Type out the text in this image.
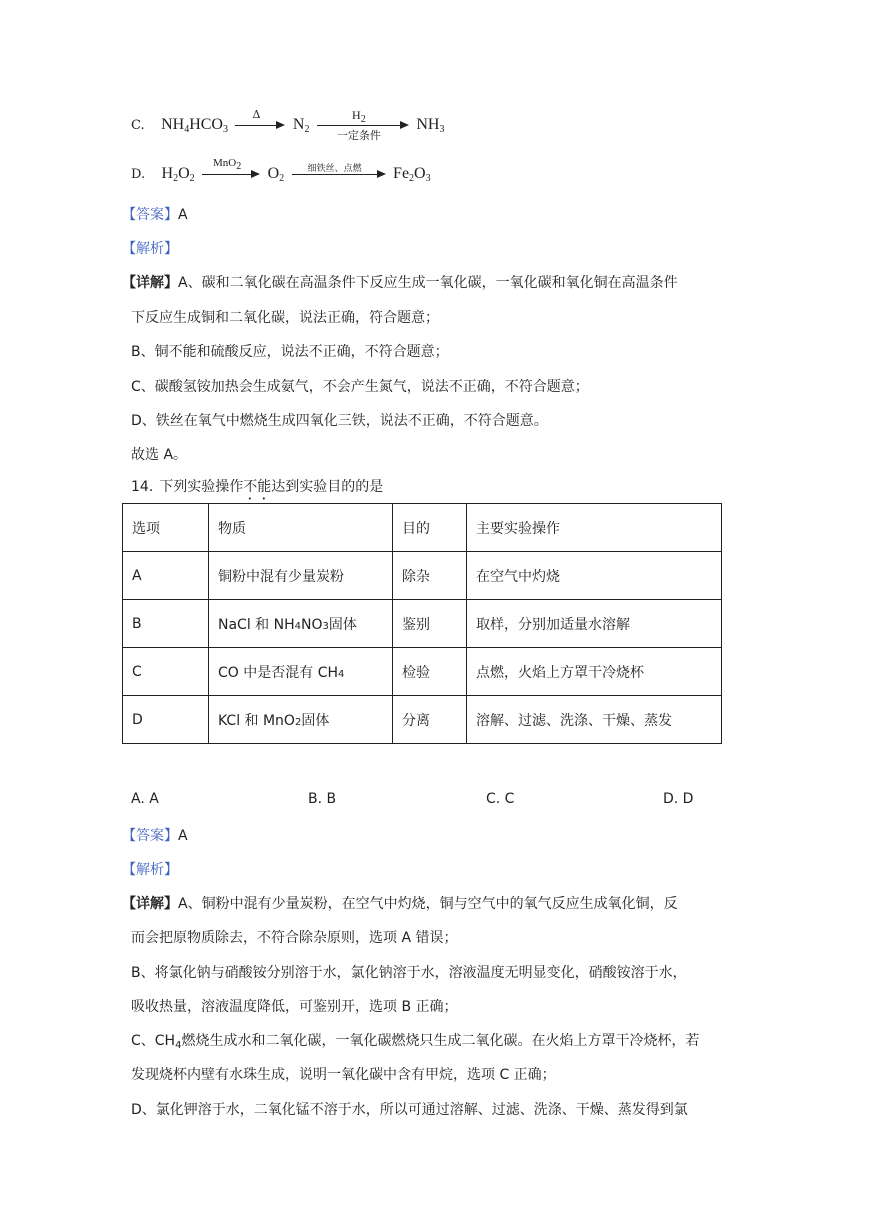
C. $NH_4HCO_3$
Δ
$N_2$
$H_2$
一定条件
$NH_3$
D. $H_2O_2$
MnO$_2$	$O_2$
细铁丝、点燃	$Fe_2O_3$
【答案】A
【解析】
【详解】A、碳和二氧化碳在高温条件下反应生成一氧化碳，一氧化碳和氧化铜在高温条件
下反应生成铜和二氧化碳，说法正确，符合题意；
B、铜不能和硫酸反应，说法不正确，不符合题意；
C、碳酸氢铵加热会生成氨气，不会产生氮气，说法不正确，不符合题意；
D、铁丝在氧气中燃烧生成四氧化三铁，说法不正确，不符合题意。
故选 A。
14. 下列实验操作不能达到实验目的的是
选项	物质	目的	主要实验操作
A	铜粉中混有少量炭粉	除杂	在空气中灼烧
B	NaCl 和 NH4NO3固体	鉴别	取样，分别加适量水溶解
C	CO 中是否混有 CH4	检验	点燃，火焰上方罩干冷烧杯
D	KCl 和 MnO2固体	分离	溶解、过滤、洗涤、干燥、蒸发
A. A	B. B	C. C	D. D
【答案】A
【解析】
【详解】A、铜粉中混有少量炭粉，在空气中灼烧，铜与空气中的氧气反应生成氧化铜，反
而会把原物质除去，不符合除杂原则，选项 A 错误；
B、将氯化钠与硝酸铵分别溶于水，氯化钠溶于水，溶液温度无明显变化，硝酸铵溶于水，
吸收热量，溶液温度降低，可鉴别开，选项 B 正确；
C、$CH_4$燃烧生成水和二氧化碳，一氧化碳燃烧只生成二氧化碳。在火焰上方罩干冷烧杯，若
发现烧杯内壁有水珠生成，说明一氧化碳中含有甲烷，选项 C 正确；
D、氯化钾溶于水，二氧化锰不溶于水，所以可通过溶解、过滤、洗涤、干燥、蒸发得到氯
